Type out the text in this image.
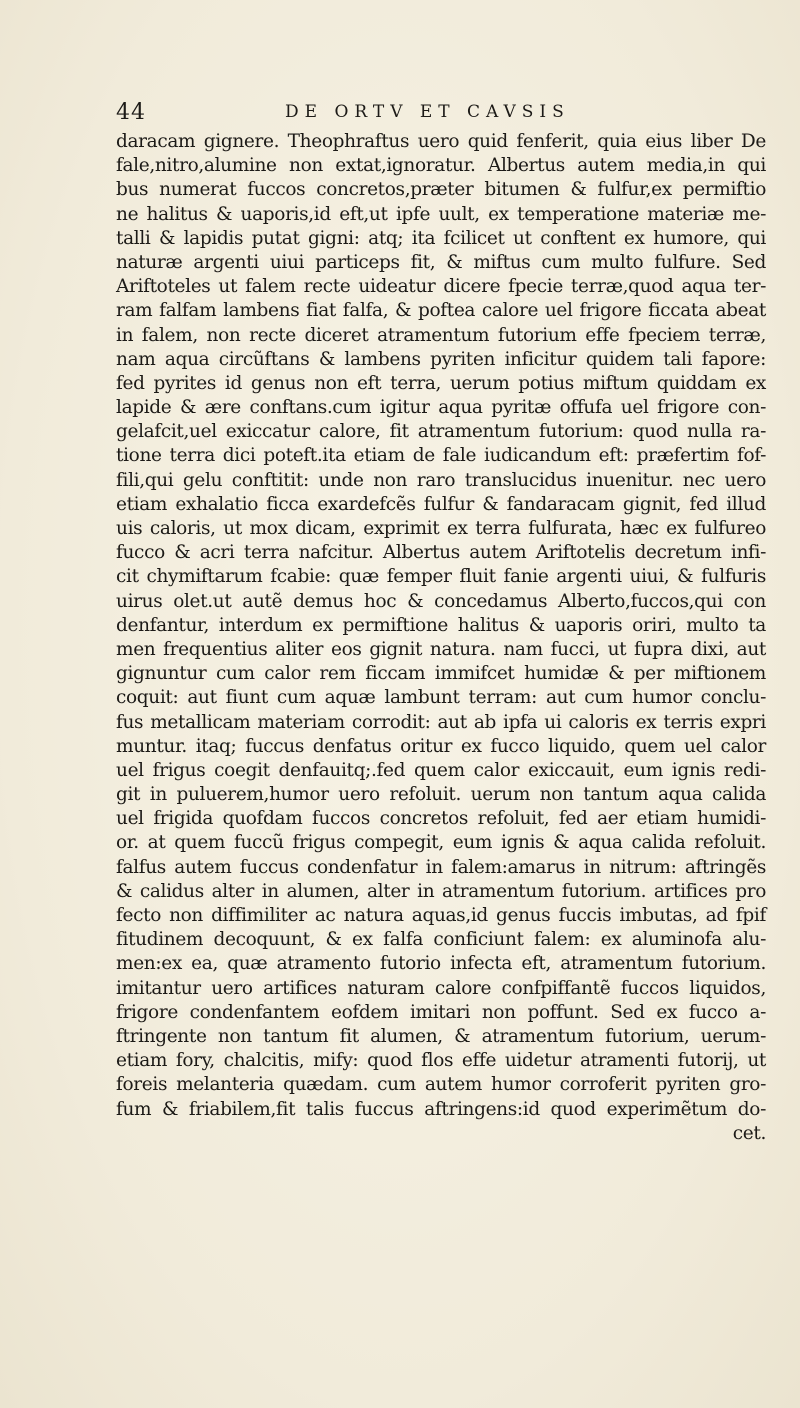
44	DE ORTV ET CAVSIS
daracam gignere. Theophraftus uero quid fenferit, quia eius liber De
fale,nitro,alumine non extat,ignoratur. Albertus autem media,in qui
bus numerat fuccos concretos,præter bitumen & fulfur,ex permiftio
ne halitus & uaporis,id eft,ut ipfe uult, ex temperatione materiæ me-
talli & lapidis putat gigni: atq; ita fcilicet ut conftent ex humore, qui
naturæ argenti uiui particeps fit, & miftus cum multo fulfure. Sed
Ariftoteles ut falem recte uideatur dicere fpecie terræ,quod aqua ter-
ram falfam lambens fiat falfa, & poftea calore uel frigore ficcata abeat
in falem, non recte diceret atramentum futorium effe fpeciem terræ,
nam aqua circũftans & lambens pyriten inficitur quidem tali fapore:
fed pyrites id genus non eft terra, uerum potius miftum quiddam ex
lapide & ære conftans.cum igitur aqua pyritæ offufa uel frigore con-
gelafcit,uel exiccatur calore, fit atramentum futorium: quod nulla ra-
tione terra dici poteft.ita etiam de fale iudicandum eft: præfertim fof-
fili,qui gelu conftitit: unde non raro translucidus inuenitur. nec uero
etiam exhalatio ficca exardefcẽs fulfur & fandaracam gignit, fed illud
uis caloris, ut mox dicam, exprimit ex terra fulfurata, hæc ex fulfureo
fucco & acri terra nafcitur. Albertus autem Ariftotelis decretum infi-
cit chymiftarum fcabie: quæ femper fluit fanie argenti uiui, & fulfuris
uirus olet.ut autẽ demus hoc & concedamus Alberto,fuccos,qui con
denfantur, interdum ex permiftione halitus & uaporis oriri, multo ta
men frequentius aliter eos gignit natura. nam fucci, ut fupra dixi, aut
gignuntur cum calor rem ficcam immifcet humidæ & per miftionem
coquit: aut fiunt cum aquæ lambunt terram: aut cum humor conclu-
fus metallicam materiam corrodit: aut ab ipfa ui caloris ex terris expri
muntur. itaq; fuccus denfatus oritur ex fucco liquido, quem uel calor
uel frigus coegit denfauitq;.fed quem calor exiccauit, eum ignis redi-
git in puluerem,humor uero refoluit. uerum non tantum aqua calida
uel frigida quofdam fuccos concretos refoluit, fed aer etiam humidi-
or. at quem fuccũ frigus compegit, eum ignis & aqua calida refoluit.
falfus autem fuccus condenfatur in falem:amarus in nitrum: aftringẽs
& calidus alter in alumen, alter in atramentum futorium. artifices pro
fecto non diffimiliter ac natura aquas,id genus fuccis imbutas, ad fpif
fitudinem decoquunt, & ex falfa conficiunt falem: ex aluminofa alu-
men:ex ea, quæ atramento futorio infecta eft, atramentum futorium.
imitantur uero artifices naturam calore confpiffantẽ fuccos liquidos,
frigore condenfantem eofdem imitari non poffunt. Sed ex fucco a-
ftringente non tantum fit alumen, & atramentum futorium, uerum-
etiam fory, chalcitis, mify: quod flos effe uidetur atramenti futorij, ut
foreis melanteria quædam. cum autem humor corroferit pyriten gro-
fum & friabilem,fit talis fuccus aftringens:id quod experimẽtum do-
cet.
